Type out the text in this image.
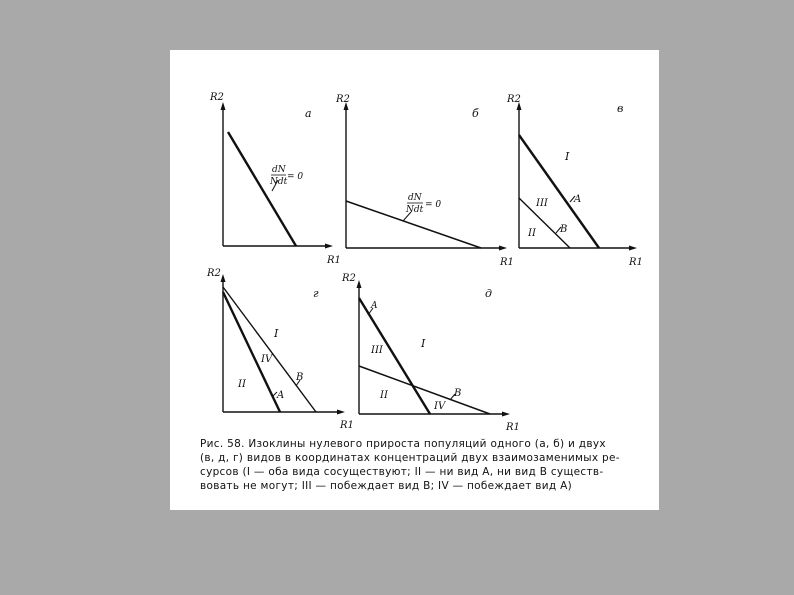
R2
R1
a
dN
Ndt = 0
R2
R1
б
dN
Ndt = 0
R2
R1
в
I
III
II
A
B
R2
R1
г
I
IV
II
B
A
R2
R1
д
III
I
II
IV
A
B
Рис. 58. Изоклины нулевого прироста популяций одного (а, б) и двух
(в, д, г) видов в координатах концентраций двух взаимозаменимых ре-
сурсов (I — оба вида сосуществуют; II — ни вид А, ни вид В существ-
вовать не могут; III — побеждает вид В; IV — побеждает вид А)
